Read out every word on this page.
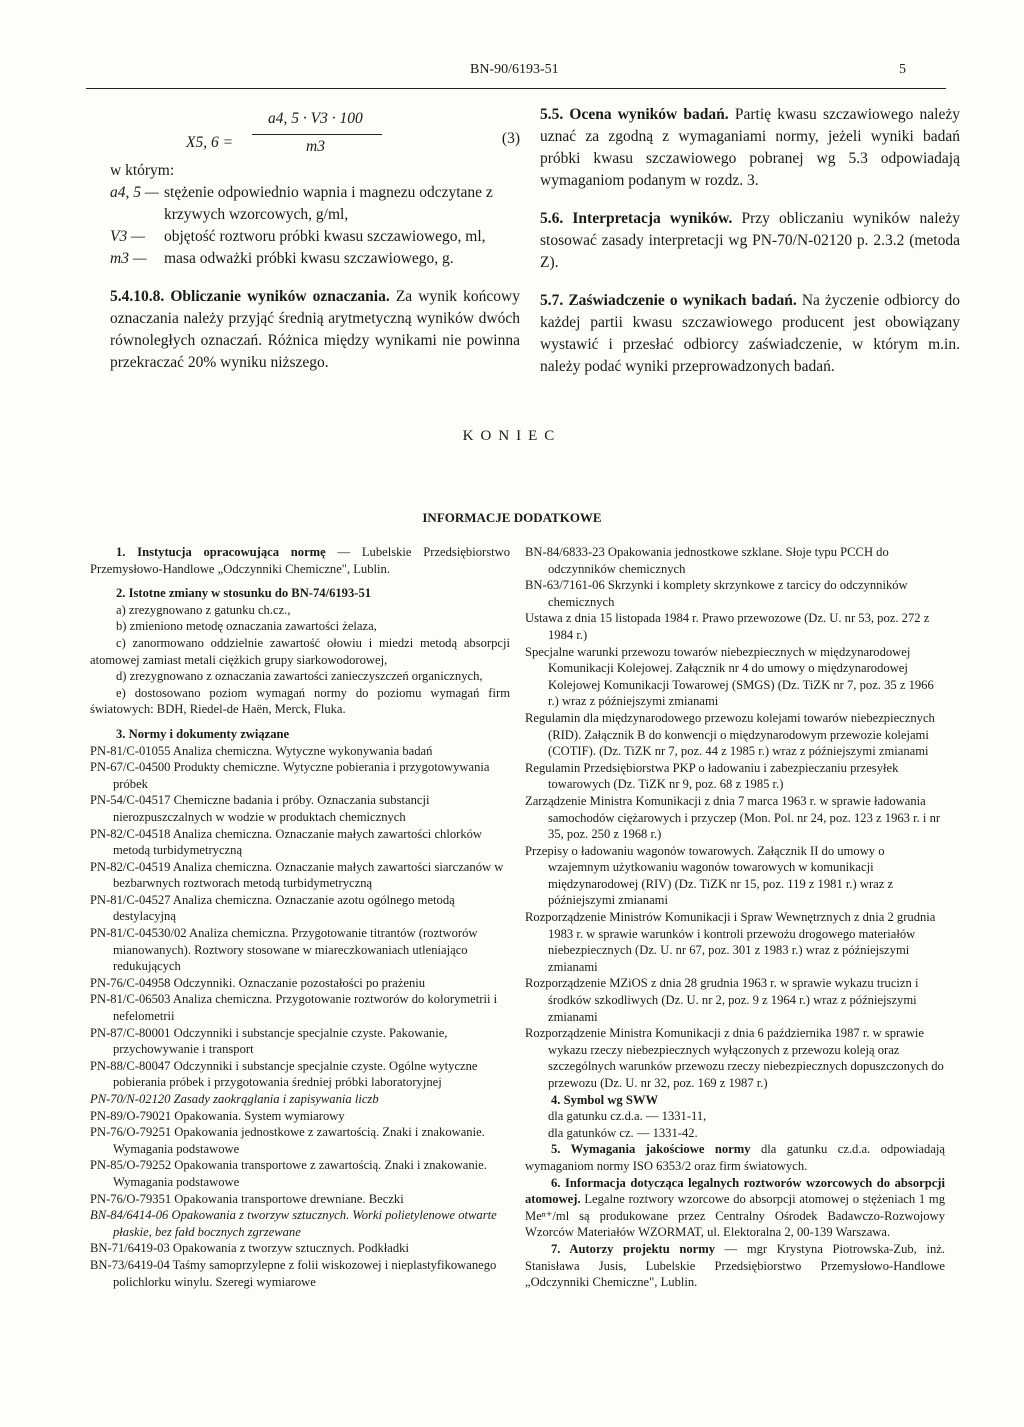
BN-90/6193-51	5
X5, 6 =
a4, 5 · V3 · 100
m3	(3)
w którym:
a4, 5 — stężenie odpowiednio wapnia i magnezu odczytane z krzywych wzorcowych, g/ml,
V3 — objętość roztworu próbki kwasu szczawiowego, ml,
m3 — masa odważki próbki kwasu szczawiowego, g.
5.4.10.8. Obliczanie wyników oznaczania. Za wynik końcowy oznaczania należy przyjąć średnią arytmetyczną wyników dwóch równoległych oznaczań. Różnica między wynikami nie powinna przekraczać 20% wyniku niższego.
5.5. Ocena wyników badań. Partię kwasu szczawiowego należy uznać za zgodną z wymaganiami normy, jeżeli wyniki badań próbki kwasu szczawiowego pobranej wg 5.3 odpowiadają wymaganiom podanym w rozdz. 3.
5.6. Interpretacja wyników. Przy obliczaniu wyników należy stosować zasady interpretacji wg PN-70/N-02120 p. 2.3.2 (metoda Z).
5.7. Zaświadczenie o wynikach badań. Na życzenie odbiorcy do każdej partii kwasu szczawiowego producent jest obowiązany wystawić i przesłać odbiorcy zaświadczenie, w którym m.in. należy podać wyniki przeprowadzonych badań.
KONIEC
INFORMACJE DODATKOWE
1. Instytucja opracowująca normę — Lubelskie Przedsiębiorstwo Przemysłowo-Handlowe „Odczynniki Chemiczne", Lublin.
2. Istotne zmiany w stosunku do BN-74/6193-51
a) zrezygnowano z gatunku ch.cz.,
b) zmieniono metodę oznaczania zawartości żelaza,
c) zanormowano oddzielnie zawartość ołowiu i miedzi metodą absorpcji atomowej zamiast metali ciężkich grupy siarkowodorowej,
d) zrezygnowano z oznaczania zawartości zanieczyszczeń organicznych,
e) dostosowano poziom wymagań normy do poziomu wymagań firm światowych: BDH, Riedel-de Haën, Merck, Fluka.
3. Normy i dokumenty związane
PN-81/C-01055 Analiza chemiczna. Wytyczne wykonywania badań
PN-67/C-04500 Produkty chemiczne. Wytyczne pobierania i przygotowywania próbek
PN-54/C-04517 Chemiczne badania i próby. Oznaczania substancji nierozpuszczalnych w wodzie w produktach chemicznych
PN-82/C-04518 Analiza chemiczna. Oznaczanie małych zawartości chlorków metodą turbidymetryczną
PN-82/C-04519 Analiza chemiczna. Oznaczanie małych zawartości siarczanów w bezbarwnych roztworach metodą turbidymetryczną
PN-81/C-04527 Analiza chemiczna. Oznaczanie azotu ogólnego metodą destylacyjną
PN-81/C-04530/02 Analiza chemiczna. Przygotowanie titrantów (roztworów mianowanych). Roztwory stosowane w miareczkowaniach utleniająco redukujących
PN-76/C-04958 Odczynniki. Oznaczanie pozostałości po prażeniu
PN-81/C-06503 Analiza chemiczna. Przygotowanie roztworów do kolorymetrii i nefelometrii
PN-87/C-80001 Odczynniki i substancje specjalnie czyste. Pakowanie, przychowywanie i transport
PN-88/C-80047 Odczynniki i substancje specjalnie czyste. Ogólne wytyczne pobierania próbek i przygotowania średniej próbki laboratoryjnej
PN-70/N-02120 Zasady zaokrąglania i zapisywania liczb
PN-89/O-79021 Opakowania. System wymiarowy
PN-76/O-79251 Opakowania jednostkowe z zawartością. Znaki i znakowanie. Wymagania podstawowe
PN-85/O-79252 Opakowania transportowe z zawartością. Znaki i znakowanie. Wymagania podstawowe
PN-76/O-79351 Opakowania transportowe drewniane. Beczki
BN-84/6414-06 Opakowania z tworzyw sztucznych. Worki polietylenowe otwarte płaskie, bez fałd bocznych zgrzewane
BN-71/6419-03 Opakowania z tworzyw sztucznych. Podkładki
BN-73/6419-04 Taśmy samoprzylepne z folii wiskozowej i nieplastyfikowanego polichlorku winylu. Szeregi wymiarowe
BN-84/6833-23 Opakowania jednostkowe szklane. Słoje typu PCCH do odczynników chemicznych
BN-63/7161-06 Skrzynki i komplety skrzynkowe z tarcicy do odczynników chemicznych
Ustawa z dnia 15 listopada 1984 r. Prawo przewozowe (Dz. U. nr 53, poz. 272 z 1984 r.)
Specjalne warunki przewozu towarów niebezpiecznych w międzynarodowej Komunikacji Kolejowej. Załącznik nr 4 do umowy o międzynarodowej Kolejowej Komunikacji Towarowej (SMGS) (Dz. TiZK nr 7, poz. 35 z 1966 r.) wraz z późniejszymi zmianami
Regulamin dla międzynarodowego przewozu kolejami towarów niebezpiecznych (RID). Załącznik B do konwencji o międzynarodowym przewozie kolejami (COTIF). (Dz. TiZK nr 7, poz. 44 z 1985 r.) wraz z późniejszymi zmianami
Regulamin Przedsiębiorstwa PKP o ładowaniu i zabezpieczaniu przesyłek towarowych (Dz. TiZK nr 9, poz. 68 z 1985 r.)
Zarządzenie Ministra Komunikacji z dnia 7 marca 1963 r. w sprawie ładowania samochodów ciężarowych i przyczep (Mon. Pol. nr 24, poz. 123 z 1963 r. i nr 35, poz. 250 z 1968 r.)
Przepisy o ładowaniu wagonów towarowych. Załącznik II do umowy o wzajemnym użytkowaniu wagonów towarowych w komunikacji międzynarodowej (RIV) (Dz. TiZK nr 15, poz. 119 z 1981 r.) wraz z późniejszymi zmianami
Rozporządzenie Ministrów Komunikacji i Spraw Wewnętrznych z dnia 2 grudnia 1983 r. w sprawie warunków i kontroli przewożu drogowego materiałów niebezpiecznych (Dz. U. nr 67, poz. 301 z 1983 r.) wraz z późniejszymi zmianami
Rozporządzenie MZiOS z dnia 28 grudnia 1963 r. w sprawie wykazu trucizn i środków szkodliwych (Dz. U. nr 2, poz. 9 z 1964 r.) wraz z późniejszymi zmianami
Rozporządzenie Ministra Komunikacji z dnia 6 października 1987 r. w sprawie wykazu rzeczy niebezpiecznych wyłączonych z przewozu koleją oraz szczególnych warunków przewozu rzeczy niebezpiecznych dopuszczonych do przewozu (Dz. U. nr 32, poz. 169 z 1987 r.)
4. Symbol wg SWW
dla gatunku cz.d.a. — 1331-11,
dla gatunków cz. — 1331-42.
5. Wymagania jakościowe normy dla gatunku cz.d.a. odpowiadają wymaganiom normy ISO 6353/2 oraz firm światowych.
6. Informacja dotycząca legalnych roztworów wzorcowych do absorpcji atomowej. Legalne roztwory wzorcowe do absorpcji atomowej o stężeniach 1 mg Meⁿ⁺/ml są produkowane przez Centralny Ośrodek Badawczo-Rozwojowy Wzorców Materiałów WZORMAT, ul. Elektoralna 2, 00-139 Warszawa.
7. Autorzy projektu normy — mgr Krystyna Piotrowska-Zub, inż. Stanisława Jusis, Lubelskie Przedsiębiorstwo Przemysłowo-Handlowe „Odczynniki Chemiczne", Lublin.
